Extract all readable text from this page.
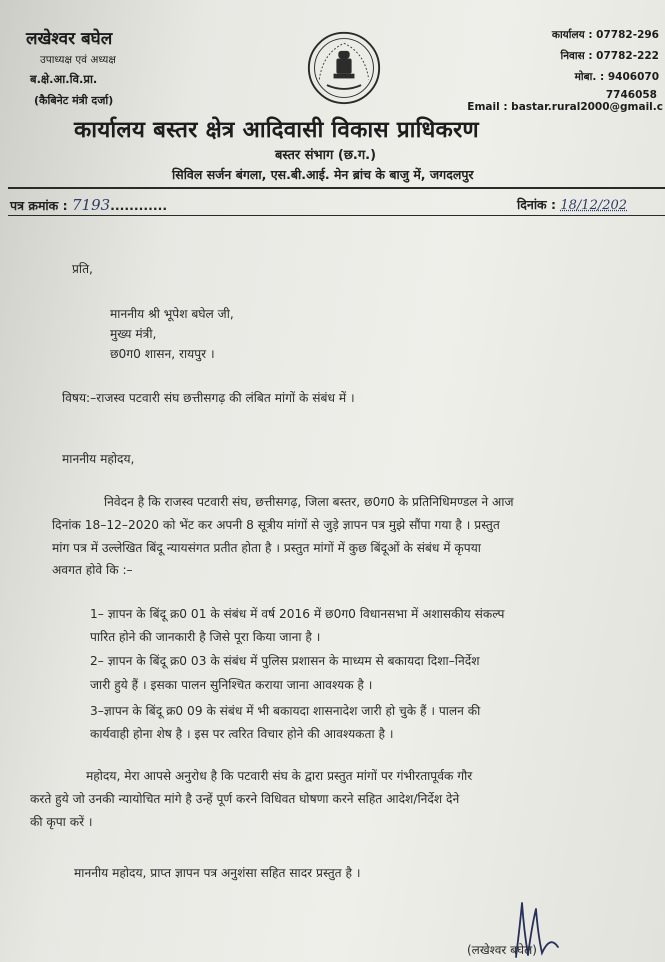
लखेश्वर बघेल
उपाध्यक्ष एवं अध्यक्ष
ब.क्षे.आ.वि.प्रा.
(कैबिनेट मंत्री दर्जा)
कार्यालय : 07782-296
निवास : 07782-222
मोबा. : 9406070
7746058
Email : bastar.rural2000@gmail.c
कार्यालय बस्तर क्षेत्र आदिवासी विकास प्राधिकरण
बस्तर संभाग (छ.ग.)
सिविल सर्जन बंगला, एस.बी.आई. मेन ब्रांच के बाजु में, जगदलपुर
पत्र क्रमांक : 7193............	दिनांक : 18/12/202
प्रति,
माननीय श्री भूपेश बघेल जी,
मुख्य मंत्री,
छ0ग0 शासन, रायपुर ।
विषय:–राजस्व पटवारी संघ छत्तीसगढ़ की लंबित मांगों के संबंध में ।
माननीय महोदय,
निवेदन है कि राजस्व पटवारी संघ, छत्तीसगढ़, जिला बस्तर, छ0ग0 के प्रतिनिधिमण्डल ने आज
दिनांक 18–12–2020 को भेंट कर अपनी 8 सूत्रीय मांगों से जुड़े ज्ञापन पत्र मुझे सौंपा गया है । प्रस्तुत
मांग पत्र में उल्लेखित बिंदू न्यायसंगत प्रतीत होता है । प्रस्तुत मांगों में कुछ बिंदूओं के संबंध में कृपया
अवगत होवे कि :–
1– ज्ञापन के बिंदू क्र0 01 के संबंध में वर्ष 2016 में छ0ग0 विधानसभा में अशासकीय संकल्प
पारित होने की जानकारी है जिसे पूरा किया जाना है ।
2– ज्ञापन के बिंदू क्र0 03 के संबंध में पुलिस प्रशासन के माध्यम से बकायदा दिशा–निर्देश
जारी हुये हैं । इसका पालन सुनिश्चित कराया जाना आवश्यक है ।
3–ज्ञापन के बिंदू क्र0 09 के संबंध में भी बकायदा शासनादेश जारी हो चुके हैं । पालन की
कार्यवाही होना शेष है । इस पर त्वरित विचार होने की आवश्यकता है ।
महोदय, मेरा आपसे अनुरोध है कि पटवारी संघ के द्वारा प्रस्तुत मांगों पर गंभीरतापूर्वक गौर
करते हुये जो उनकी न्यायोचित मांगे है उन्हें पूर्ण करने विधिवत घोषणा करने सहित आदेश/निर्देश देने
की कृपा करें ।
माननीय महोदय, प्राप्त ज्ञापन पत्र अनुशंसा सहित सादर प्रस्तुत है ।
(लखेश्वर बघेल)
